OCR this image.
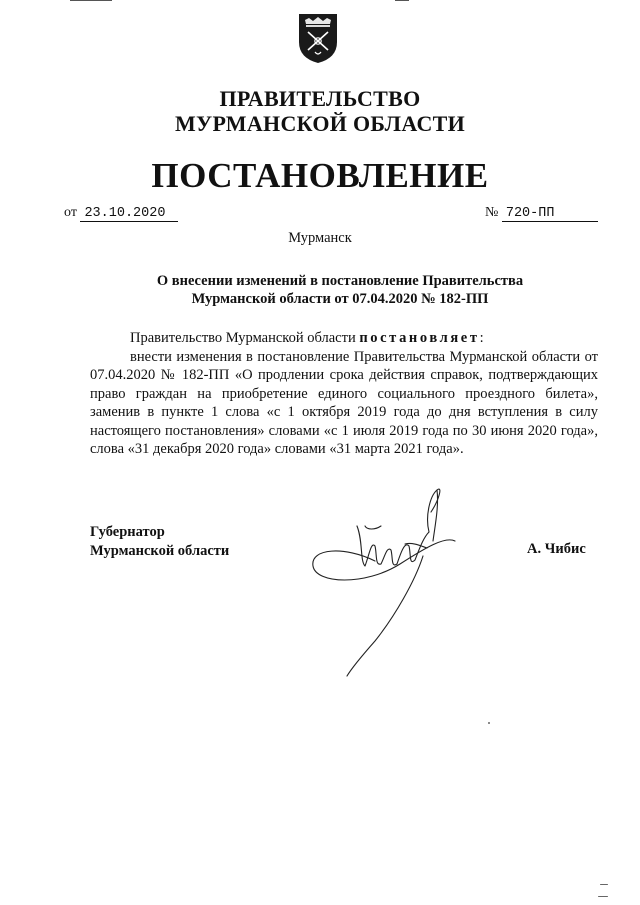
ПРАВИТЕЛЬСТВО
МУРМАНСКОЙ ОБЛАСТИ
ПОСТАНОВЛЕНИЕ
от 23.10.2020	№ 720-ПП
Мурманск
О внесении изменений в постановление Правительства
Мурманской области от 07.04.2020 № 182-ПП

Правительство Мурманской области постановляет:

внести изменения в постановление Правительства Мурманской области от 07.04.2020 № 182-ПП «О продлении срока действия справок, подтверждающих право граждан на приобретение единого социального проездного билета», заменив в пункте 1 слова «с 1 октября 2019 года до дня вступления в силу настоящего постановления» словами «с 1 июля 2019 года по 30 июня 2020 года», слова «31 декабря 2020 года» словами «31 марта 2021 года».

Губернатор
Мурманской области	А. Чибис
